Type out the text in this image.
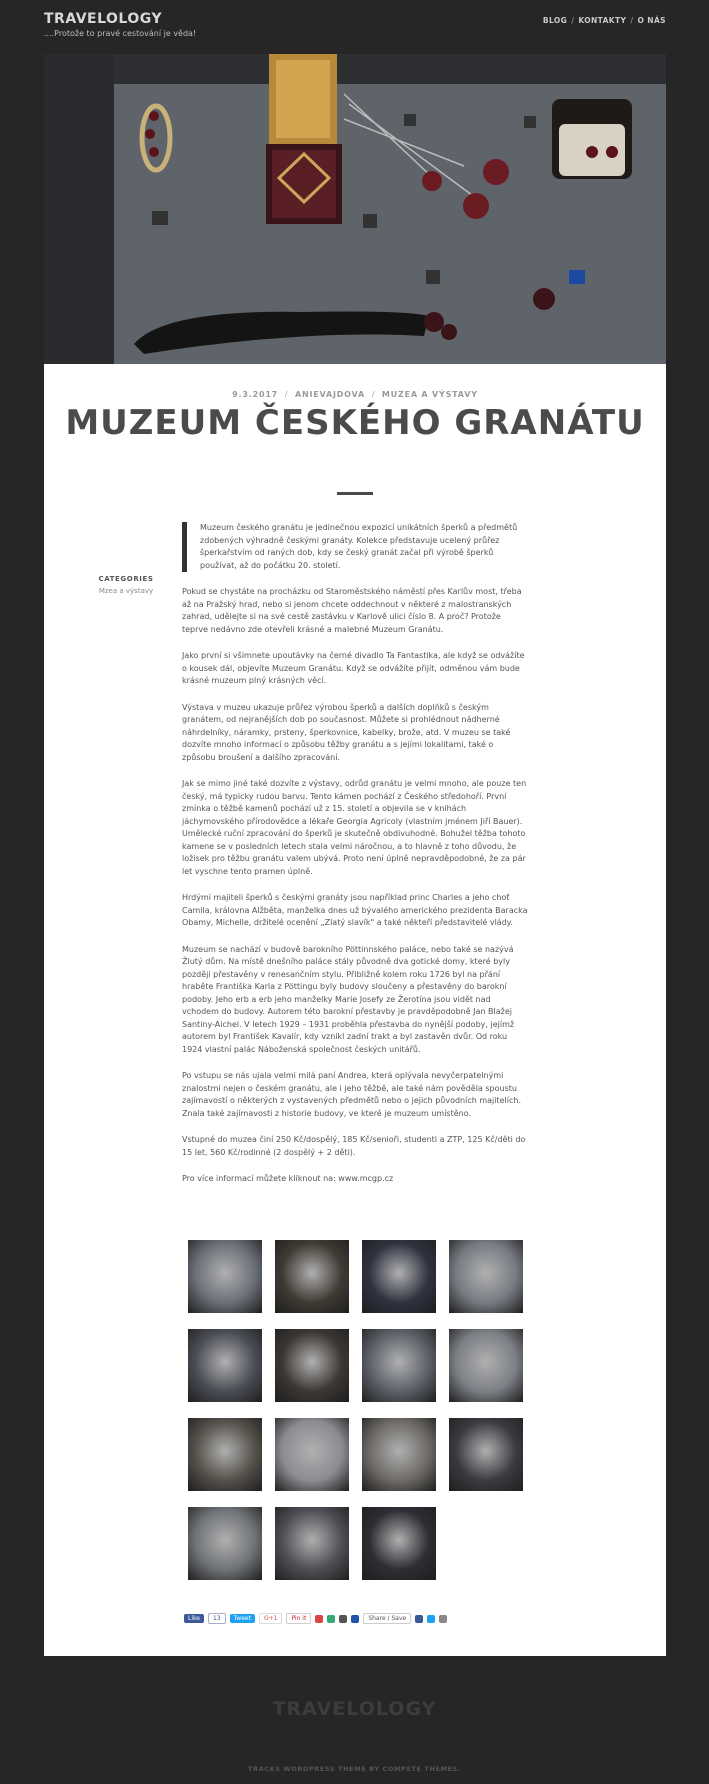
TRAVELOLOGY
....Protože to pravé cestování je věda!
BLOG / KONTAKTY / O NÁS
9.3.2017 / ANIEVAJDOVA / MUZEA A VÝSTAVY
MUZEUM ČESKÉHO GRANÁTU
CATEGORIES
Mzea a výstavy

Muzeum českého granátu je jedinečnou expozicí unikátních šperků a předmětů zdobených výhradně českými granáty. Kolekce představuje ucelený průřez šperkařstvím od raných dob, kdy se český granát začal při výrobě šperků používat, až do počátku 20. století.

Pokud se chystáte na procházku od Staroměstského náměstí přes Karlův most, třeba až na Pražský hrad, nebo si jenom chcete oddechnout v některé z malostranských zahrad, udělejte si na své cestě zastávku v Karlově ulici číslo 8. A proč? Protože teprve nedávno zde otevřeli krásné a malebné Muzeum Granátu.

Jako první si všimnete upoutávky na černé divadlo Ta Fantastika, ale když se odvážíte o kousek dál, objevíte Muzeum Granátu. Když se odvážíte přijít, odměnou vám bude krásné muzeum plný krásných věcí.

Výstava v muzeu ukazuje průřez výrobou šperků a dalších doplňků s českým granátem, od nejranějších dob po současnost. Můžete si prohlédnout nádherné náhrdelníky, náramky, prsteny, šperkovnice, kabelky, brože, atd. V muzeu se také dozvíte mnoho informací o způsobu těžby granátu a s jejími lokalitami, také o způsobu broušení a dalšího zpracování.

Jak se mimo jiné také dozvíte z výstavy, odrůd granátu je velmi mnoho, ale pouze ten český, má typicky rudou barvu. Tento kámen pochází z Českého středohoří. První zmínka o těžbě kamenů pochází už z 15. století a objevila se v knihách jáchymovského přírodovědce a lékaře Georgia Agricoly (vlastním jménem Jiří Bauer). Umělecké ruční zpracování do šperků je skutečně obdivuhodné. Bohužel těžba tohoto kamene se v posledních letech stala velmi náročnou, a to hlavně z toho důvodu, že ložisek pro těžbu granátu valem ubývá. Proto není úplně nepravděpodobné, že za pár let vyschne tento pramen úplně.

Hrdými majiteli šperků s českými granáty jsou například princ Charles a jeho choť Camila, královna Alžběta, manželka dnes už bývalého amerického prezidenta Baracka Obamy, Michelle, držitelé ocenění „Zlatý slavík" a také někteří představitelé vlády.

Muzeum se nachází v budově barokního Pöttinnského paláce, nebo také se nazývá Žlutý dům. Na místě dnešního paláce stály původně dva gotické domy, které byly později přestavěny v renesančním stylu. Přibližně kolem roku 1726 byl na přání hraběte Františka Karla z Pöttingu byly budovy sloučeny a přestavěny do barokní podoby. Jeho erb a erb jeho manželky Marie Josefy ze Žerotína jsou vidět nad vchodem do budovy. Autorem této barokní přestavby je pravděpodobně Jan Blažej Santiny-Aichel. V letech 1929 – 1931 proběhla přestavba do nynější podoby, jejímž autorem byl František Kavalír, kdy vznikl zadní trakt a byl zastavěn dvůr. Od roku 1924 vlastní palác Náboženská společnost českých unitářů.

Po vstupu se nás ujala velmi milá paní Andrea, která oplývala nevyčerpatelnými znalostmi nejen o českém granátu, ale i jeho těžbě, ale také nám pověděla spoustu zajímavostí o některých z vystavených předmětů nebo o jejich původních majitelích. Znala také zajímavosti z historie budovy, ve které je muzeum umístěno.

Vstupné do muzea činí 250 Kč/dospělý, 185 Kč/senioři, studenti a ZTP, 125 Kč/děti do 15 let, 560 Kč/rodinné (2 dospělý + 2 děti).

Pro více informací můžete kliknout na: www.mcgp.cz

Like	13	Tweet	G+1	Pin it	Share / Save
TRAVELOLOGY
TRACKS WORDPRESS THEME BY COMPETE THEMES.
